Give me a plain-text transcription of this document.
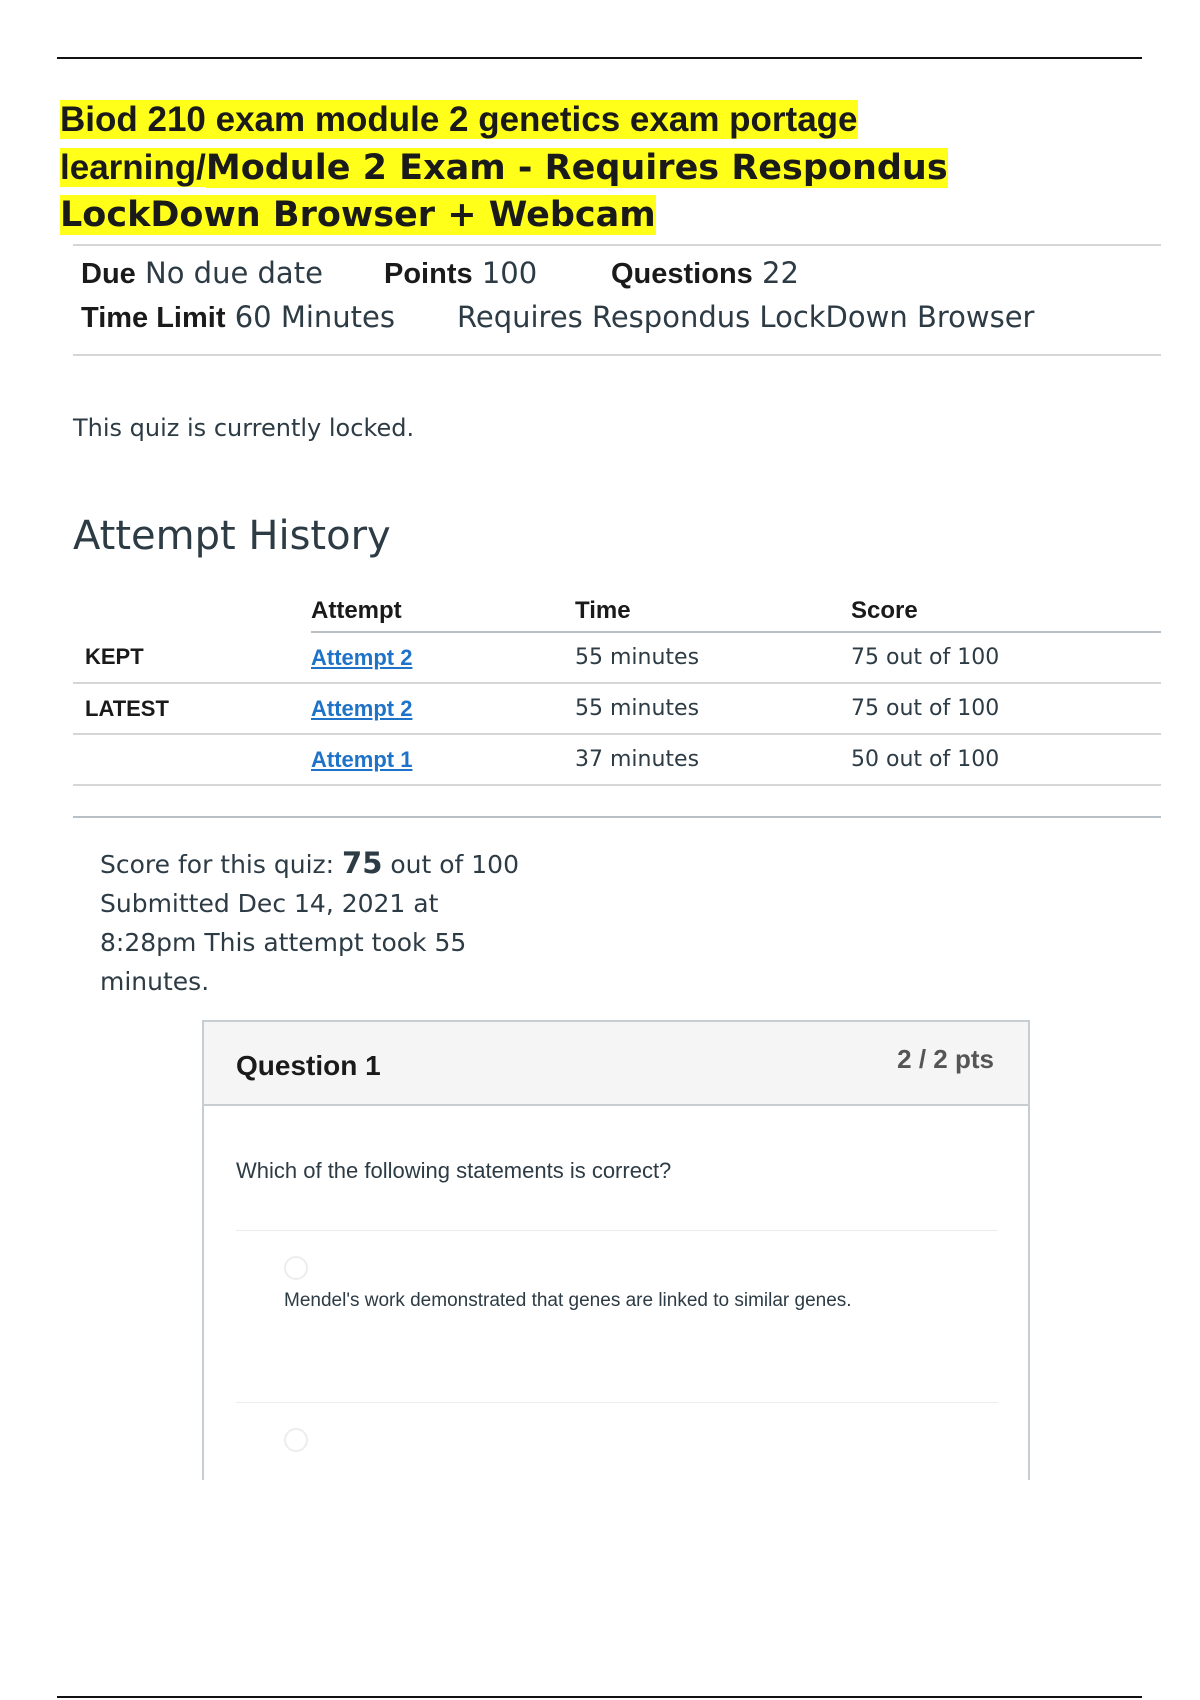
Biod 210 exam module 2 genetics exam portage learning/Module 2 Exam - Requires Respondus LockDown Browser + Webcam
Due No due date Points 100	Questions 22
Time Limit 60 Minutes Requires Respondus LockDown Browser

This quiz is currently locked.

Attempt History
	Attempt	Time	Score
KEPT	Attempt 2	55 minutes	75 out of 100
LATEST	Attempt 2	55 minutes	75 out of 100
	Attempt 1	37 minutes	50 out of 100

Score for this quiz: 75 out of 100
Submitted Dec 14, 2021 at 8:28pm This attempt took 55 minutes.

Question 1	2 / 2 pts

Which of the following statements is correct?

Mendel's work demonstrated that genes are linked to similar genes.
